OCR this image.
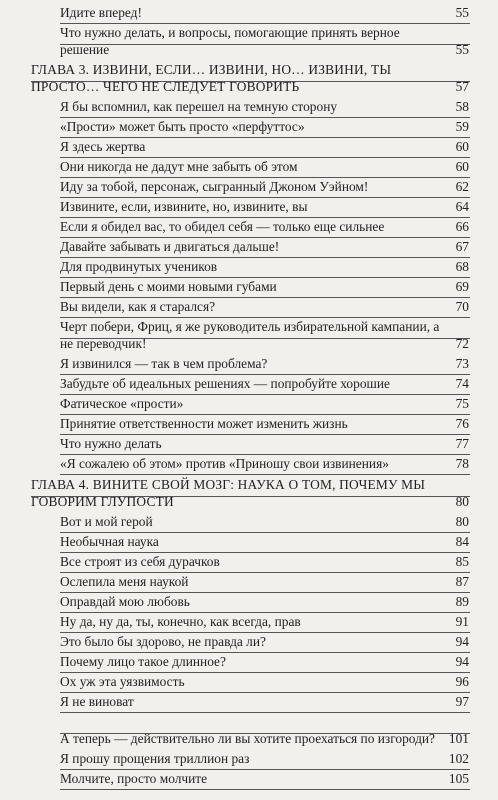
Идите вперед!	55
Что нужно делать, и вопросы, помогающие принять верное решение	55
ГЛАВА 3. ИЗВИНИ, ЕСЛИ… ИЗВИНИ, НО… ИЗВИНИ, ТЫ ПРОСТО… ЧЕГО НЕ СЛЕДУЕТ ГОВОРИТЬ	57
Я бы вспомнил, как перешел на темную сторону	58
«Прости» может быть просто «перфуттос»	59
Я здесь жертва	60
Они никогда не дадут мне забыть об этом	60
Иду за тобой, персонаж, сыгранный Джоном Уэйном!	62
Извините, если, извините, но, извините, вы	64
Если я обидел вас, то обидел себя — только еще сильнее	66
Давайте забывать и двигаться дальше!	67
Для продвинутых учеников	68
Первый день с моими новыми губами	69
Вы видели, как я старался?	70
Черт побери, Фриц, я же руководитель избирательной кампании, а не переводчик!	72
Я извинился — так в чем проблема?	73
Забудьте об идеальных решениях — попробуйте хорошие	74
Фатическое «прости»	75
Принятие ответственности может изменить жизнь	76
Что нужно делать	77
«Я сожалею об этом» против «Приношу свои извинения»	78
ГЛАВА 4. ВИНИТЕ СВОЙ МОЗГ: НАУКА О ТОМ, ПОЧЕМУ МЫ ГОВОРИМ ГЛУПОСТИ	80
Вот и мой герой	80
Необычная наука	84
Все строят из себя дурачков	85
Ослепила меня наукой	87
Оправдай мою любовь	89
Ну да, ну да, ты, конечно, как всегда, прав	91
Это было бы здорово, не правда ли?	94
Почему лицо такое длинное?	94
Ох уж эта уязвимость	96
Я не виноват	97
А теперь — действительно ли вы хотите проехаться по изгороди?	101
Я прошу прощения триллион раз	102
Молчите, просто молчите	105
